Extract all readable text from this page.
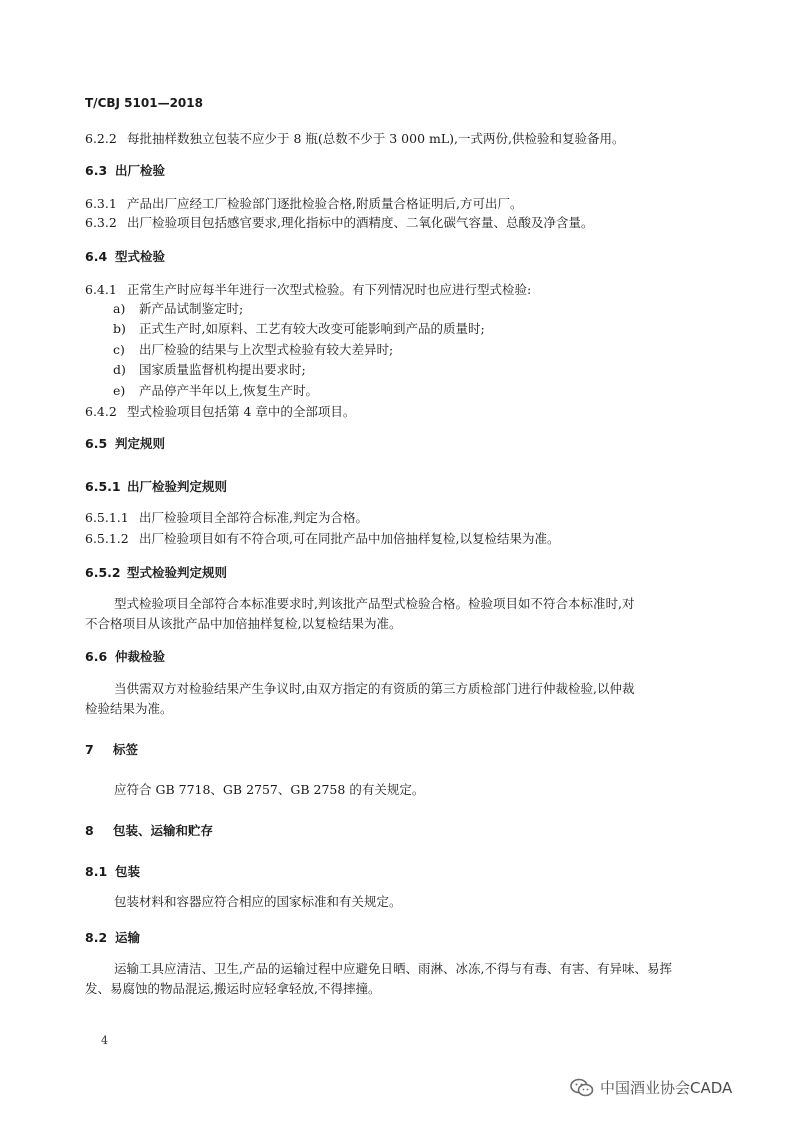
T/CBJ 5101—2018
6.2.2 每批抽样数独立包装不应少于 8 瓶(总数不少于 3 000 mL),一式两份,供检验和复验备用。
6.3 出厂检验
6.3.1 产品出厂应经工厂检验部门逐批检验合格,附质量合格证明后,方可出厂。
6.3.2 出厂检验项目包括感官要求,理化指标中的酒精度、二氧化碳气容量、总酸及净含量。
6.4 型式检验
6.4.1 正常生产时应每半年进行一次型式检验。有下列情况时也应进行型式检验:
a) 新产品试制鉴定时;
b) 正式生产时,如原料、工艺有较大改变可能影响到产品的质量时;
c) 出厂检验的结果与上次型式检验有较大差异时;
d) 国家质量监督机构提出要求时;
e) 产品停产半年以上,恢复生产时。
6.4.2 型式检验项目包括第 4 章中的全部项目。
6.5 判定规则
6.5.1 出厂检验判定规则
6.5.1.1 出厂检验项目全部符合标准,判定为合格。
6.5.1.2 出厂检验项目如有不符合项,可在同批产品中加倍抽样复检,以复检结果为准。
6.5.2 型式检验判定规则
型式检验项目全部符合本标准要求时,判该批产品型式检验合格。检验项目如不符合本标准时,对
不合格项目从该批产品中加倍抽样复检,以复检结果为准。
6.6 仲裁检验
当供需双方对检验结果产生争议时,由双方指定的有资质的第三方质检部门进行仲裁检验,以仲裁
检验结果为准。
7 标签
应符合 GB 7718、GB 2757、GB 2758 的有关规定。
8 包装、运输和贮存
8.1 包装
包装材料和容器应符合相应的国家标准和有关规定。
8.2 运输
运输工具应清洁、卫生,产品的运输过程中应避免日晒、雨淋、冰冻,不得与有毒、有害、有异味、易挥
发、易腐蚀的物品混运,搬运时应轻拿轻放,不得摔撞。
4
中国酒业协会CADA
